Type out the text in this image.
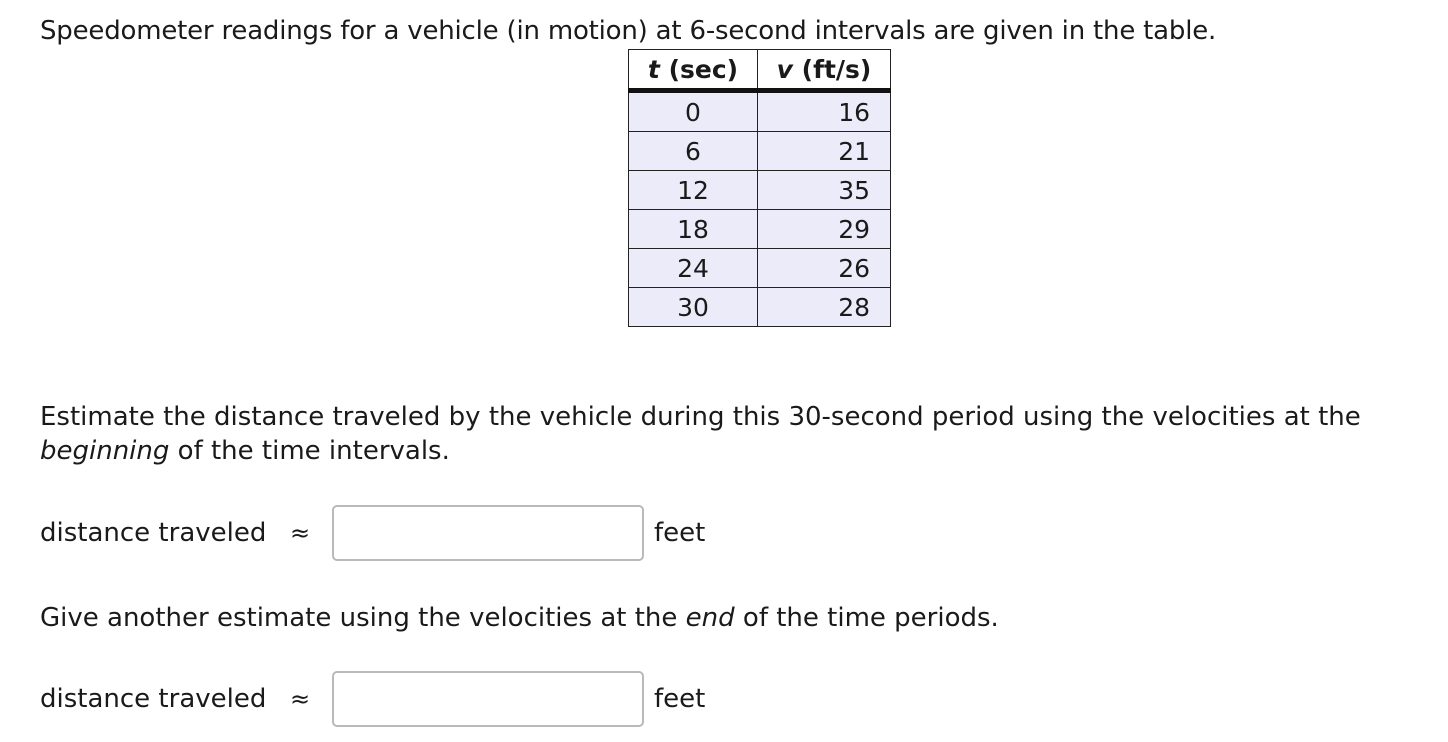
Speedometer readings for a vehicle (in motion) at 6-second intervals are given in the table.
t (sec)	v (ft/s)
0	16
6	21
12	35
18	29
24	26
30	28
Estimate the distance traveled by the vehicle during this 30-second period using the velocities at the
beginning of the time intervals.
distance traveled ≈	feet
Give another estimate using the velocities at the end of the time periods.
distance traveled ≈	feet
